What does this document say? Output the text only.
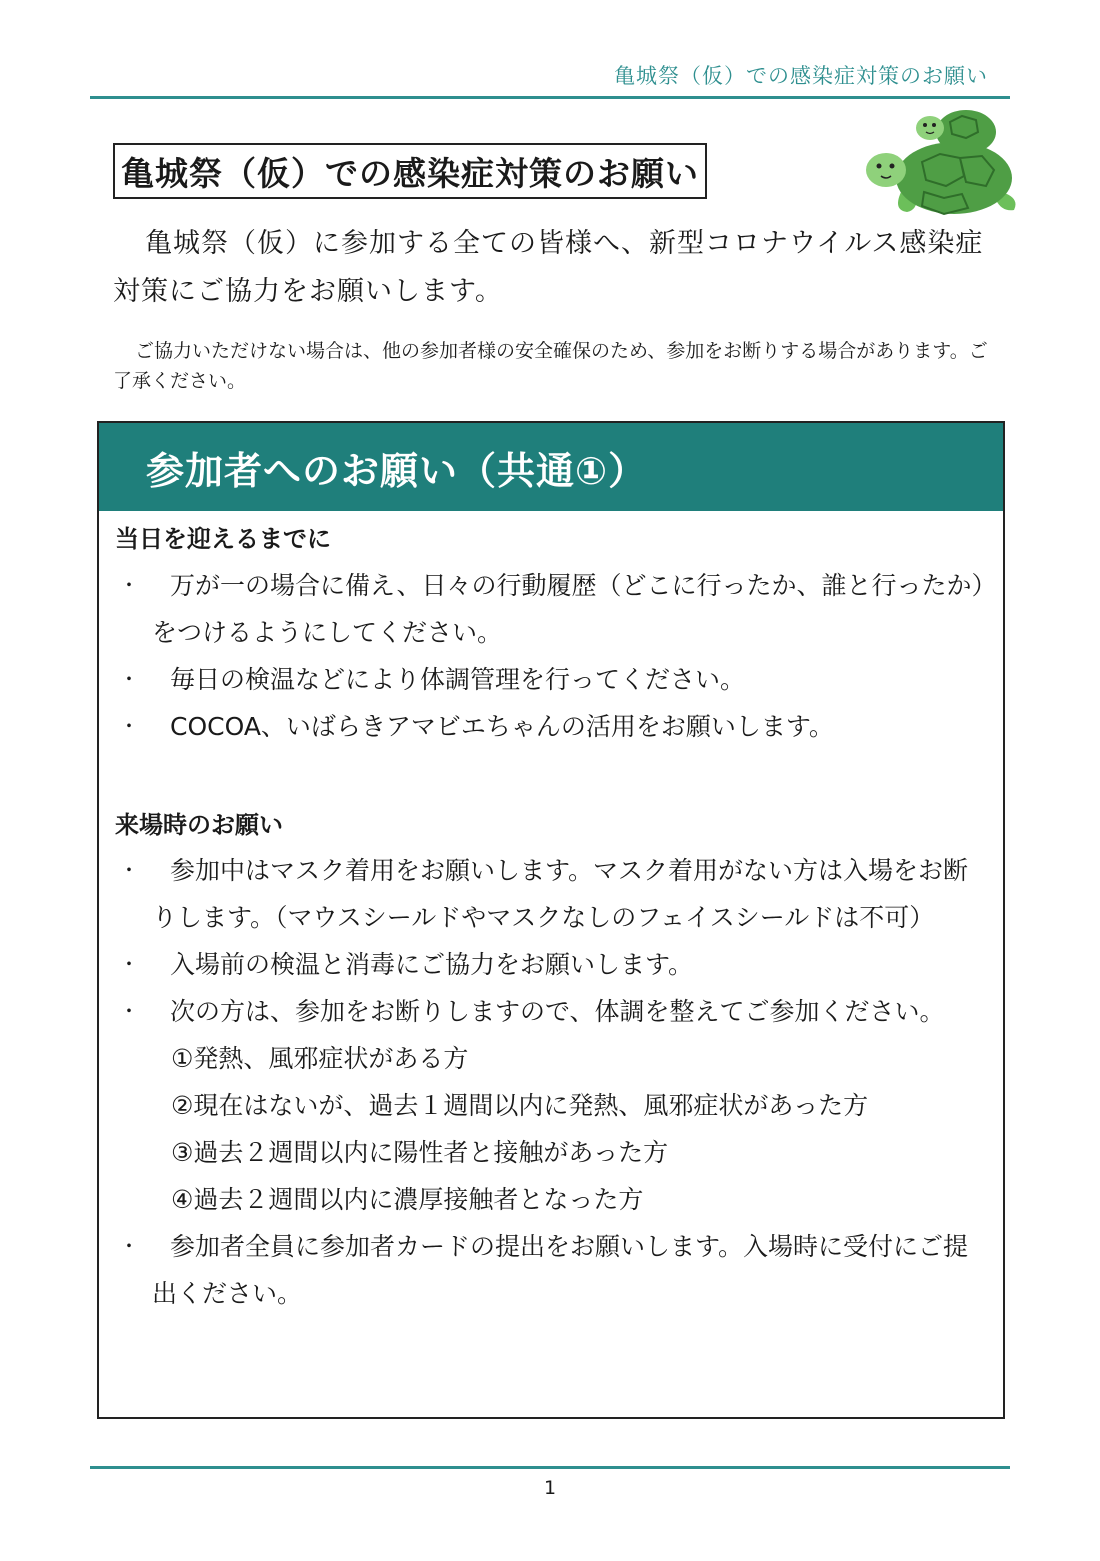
亀城祭（仮）での感染症対策のお願い
亀城祭（仮）での感染症対策のお願い
亀城祭（仮）に参加する全ての皆様へ、新型コロナウイルス感染症対策にご協力をお願いします。
ご協力いただけない場合は、他の参加者様の安全確保のため、参加をお断りする場合があります。ご了承ください。
参加者へのお願い（共通①）
当日を迎えるまでに
・	万が一の場合に備え、日々の行動履歴（どこに行ったか、誰と行ったか）をつけるようにしてください。
・	毎日の検温などにより体調管理を行ってください。
・	COCOA、いばらきアマビエちゃんの活用をお願いします。
来場時のお願い
・	参加中はマスク着用をお願いします。マスク着用がない方は入場をお断りします。（マウスシールドやマスクなしのフェイスシールドは不可）
・	入場前の検温と消毒にご協力をお願いします。
・	次の方は、参加をお断りしますので、体調を整えてご参加ください。
①発熱、風邪症状がある方
②現在はないが、過去１週間以内に発熱、風邪症状があった方
③過去２週間以内に陽性者と接触があった方
④過去２週間以内に濃厚接触者となった方
・	参加者全員に参加者カードの提出をお願いします。入場時に受付にご提出ください。
1
